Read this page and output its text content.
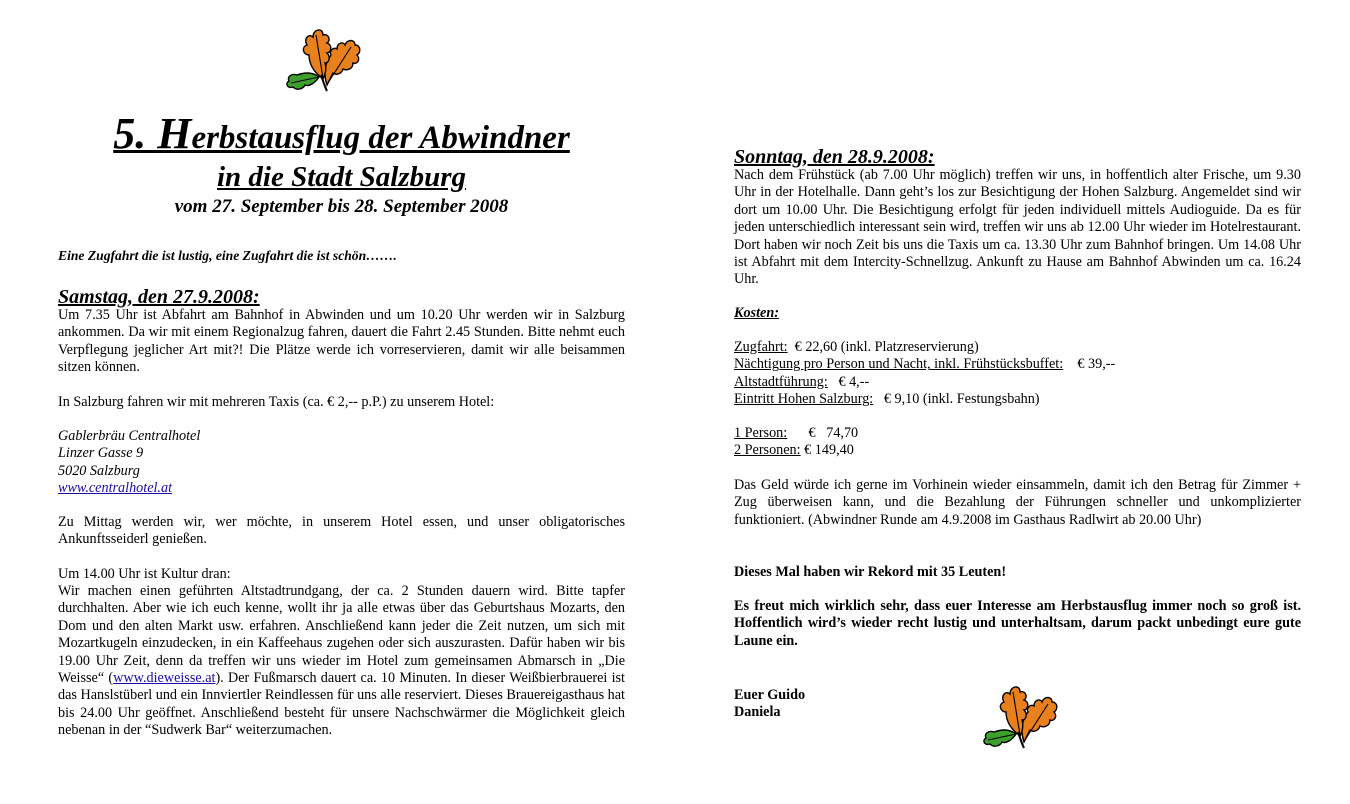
5. Herbstausflug der Abwindner
in die Stadt Salzburg
vom 27. September bis 28. September 2008

Eine Zugfahrt die ist lustig, eine Zugfahrt die ist schön…….

Samstag, den 27.9.2008:

Um 7.35 Uhr ist Abfahrt am Bahnhof in Abwinden und um 10.20 Uhr werden wir in Salzburg ankommen. Da wir mit einem Regionalzug fahren, dauert die Fahrt 2.45 Stunden. Bitte nehmt euch Verpflegung jeglicher Art mit?! Die Plätze werde ich vorreservieren, damit wir alle beisammen sitzen können.

In Salzburg fahren wir mit mehreren Taxis (ca. € 2,-- p.P.) zu unserem Hotel:

Gablerbräu Centralhotel

Linzer Gasse 9

5020 Salzburg

www.centralhotel.at

Zu Mittag werden wir, wer möchte, in unserem Hotel essen, und unser obligatorisches Ankunftsseiderl genießen.

Um 14.00 Uhr ist Kultur dran:

Wir machen einen geführten Altstadtrundgang, der ca. 2 Stunden dauern wird. Bitte tapfer durchhalten. Aber wie ich euch kenne, wollt ihr ja alle etwas über das Geburtshaus Mozarts, den Dom und den alten Markt usw. erfahren. Anschließend kann jeder die Zeit nutzen, um sich mit Mozartkugeln einzudecken, in ein Kaffeehaus zugehen oder sich auszurasten. Dafür haben wir bis 19.00 Uhr Zeit, denn da treffen wir uns wieder im Hotel zum gemeinsamen Abmarsch in „Die Weisse“ (www.dieweisse.at). Der Fußmarsch dauert ca. 10 Minuten. In dieser Weißbierbrauerei ist das Hanslstüberl und ein Innviertler Reindlessen für uns alle reserviert. Dieses Brauereigasthaus hat bis 24.00 Uhr geöffnet. Anschließend besteht für unsere Nachschwärmer die Möglichkeit gleich nebenan in der “Sudwerk Bar“ weiterzumachen.

Sonntag, den 28.9.2008:

Nach dem Frühstück (ab 7.00 Uhr möglich) treffen wir uns, in hoffentlich alter Frische, um 9.30 Uhr in der Hotelhalle. Dann geht’s los zur Besichtigung der Hohen Salzburg. Angemeldet sind wir dort um 10.00 Uhr. Die Besichtigung erfolgt für jeden individuell mittels Audioguide. Da es für jeden unterschiedlich interessant sein wird, treffen wir uns ab 12.00 Uhr wieder im Hotelrestaurant. Dort haben wir noch Zeit bis uns die Taxis um ca. 13.30 Uhr zum Bahnhof bringen. Um 14.08 Uhr ist Abfahrt mit dem Intercity-Schnellzug. Ankunft zu Hause am Bahnhof Abwinden um ca. 16.24 Uhr.

Kosten:

Zugfahrt: € 22,60 (inkl. Platzreservierung)
Nächtigung pro Person und Nacht, inkl. Frühstücksbuffet: € 39,--
Altstadtführung: € 4,--
Eintritt Hohen Salzburg: € 9,10 (inkl. Festungsbahn)
1 Person: €   74,70
2 Personen: € 149,40

Das Geld würde ich gerne im Vorhinein wieder einsammeln, damit ich den Betrag für Zimmer + Zug überweisen kann, und die Bezahlung der Führungen schneller und unkomplizierter funktioniert. (Abwindner Runde am 4.9.2008 im Gasthaus Radlwirt ab 20.00 Uhr)

Dieses Mal haben wir Rekord mit 35 Leuten!

Es freut mich wirklich sehr, dass euer Interesse am Herbstausflug immer noch so groß ist. Hoffentlich wird’s wieder recht lustig und unterhaltsam, darum packt unbedingt eure gute Laune ein.

Euer Guido

Daniela
